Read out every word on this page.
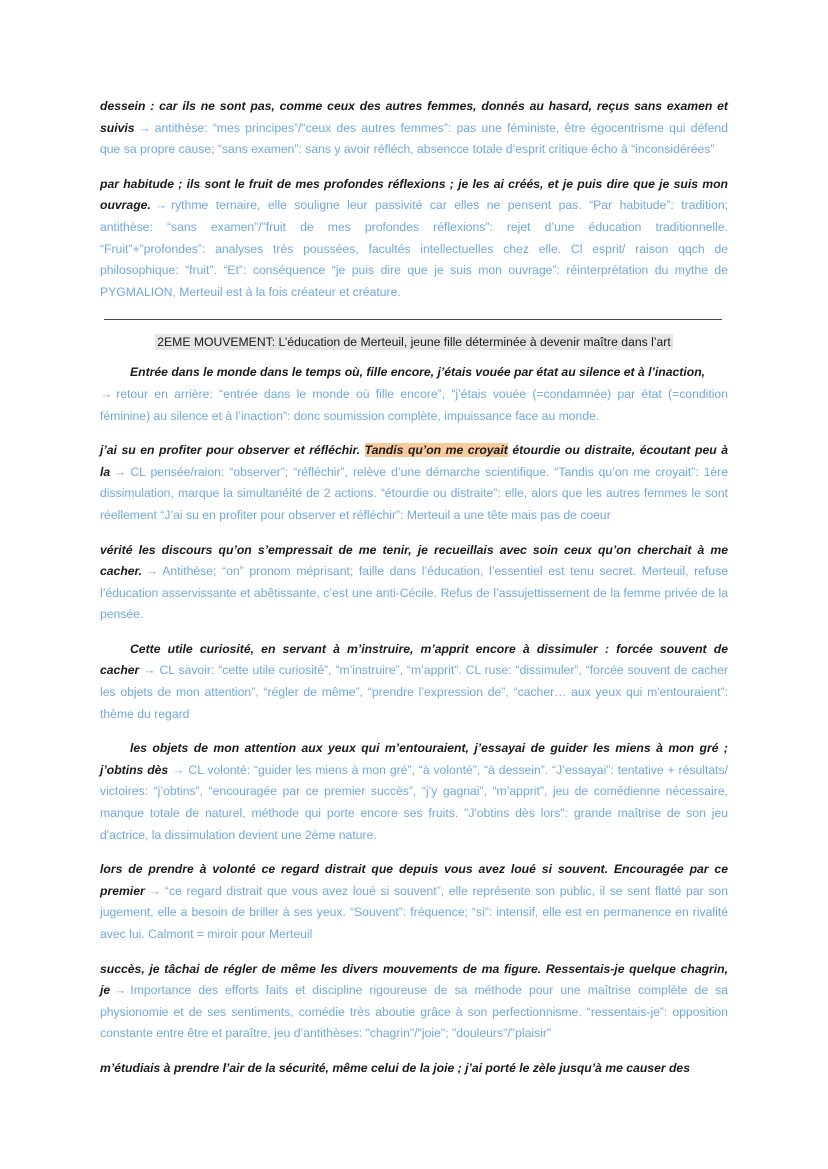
dessein : car ils ne sont pas, comme ceux des autres femmes, donnés au hasard, reçus sans examen et suivis → antithèse: “mes principes”/“ceux des autres femmes”: pas une féministe, être égocentrisme qui défend que sa propre cause; “sans examen”: sans y avoir réfléch, absencce totale d’esprit critique écho à “inconsidérées”

par habitude ; ils sont le fruit de mes profondes réflexions ; je les ai créés, et je puis dire que je suis mon ouvrage. → rythme ternaire, elle souligne leur passivité car elles ne pensent pas. “Par habitude”: tradition; antithèse: “sans examen”/”fruit de mes profondes réflexions”: rejet d’une éducation traditionnelle. “Fruit”+”profondes”: analyses très poussées, facultés intellectuelles chez elle. Cl esprit/ raison qqch de philosophique: “fruit”. “Et”: conséquence “je puis dire que je suis mon ouvrage”: réinterprétation du mythe de PYGMALION, Merteuil est à la fois créateur et créature.

2EME MOUVEMENT: L’éducation de Merteuil, jeune fille déterminée à devenir maître dans l’art

Entrée dans le monde dans le temps où, fille encore, j’étais vouée par état au silence et à l’inaction,
→ retour en arrière: “entrée dans le monde où fille encore”, “j’étais vouée (=condamnée) par état (=condition féminine) au silence et à l’inaction”: donc soumission complète, impuissance face au monde.

j’ai su en profiter pour observer et réfléchir. Tandis qu’on me croyait étourdie ou distraite, écoutant peu à la → CL pensée/raion: “observer”; “réfléchir”, relève d’une démarche scientifique. “Tandis qu’on me croyait”: 1ère dissimulation, marque la simultanéité de 2 actions. “étourdie ou distraite”: elle, alors que les autres femmes le sont réellement “J’ai su en profiter pour observer et réfléchir”: Merteuil a une tête mais pas de coeur

vérité les discours qu’on s’empressait de me tenir, je recueillais avec soin ceux qu’on cherchait à me cacher. → Antithèse; “on” pronom méprisant; faille dans l’éducation, l’essentiel est tenu secret. Merteuil, refuse l’éducation asservissante et abêtissante, c’est une anti-Cécile. Refus de l’assujettissement de la femme privée de la pensée.

Cette utile curiosité, en servant à m’instruire, m’apprit encore à dissimuler : forcée souvent de cacher → CL savoir: “cette utile curiosité”, “m’instruire”, “m’apprit”. CL ruse: “dissimuler”, “forcée souvent de cacher les objets de mon attention”, “régler de même”, “prendre l’expression de”, “cacher… aux yeux qui m'entouraient”: thème du regard

les objets de mon attention aux yeux qui m’entouraient, j’essayai de guider les miens à mon gré ; j’obtins dès → CL volonté: “guider les miens à mon gré”, “à volonté”, “à dessein”. “J’essayai”: tentative + résultats/ victoires: “j’obtins”, “encouragée par ce premier succès”, “j’y gagnai”, “m’apprit”, jeu de comédienne nécessaire, manque totale de naturel, méthode qui porte encore ses fruits. "J'obtins dès lors": grande maîtrise de son jeu d'actrice, la dissimulation devient une 2ème nature.

lors de prendre à volonté ce regard distrait que depuis vous avez loué si souvent. Encouragée par ce premier → “ce regard distrait que vous avez loué si souvent”, elle représente son public, il se sent flatté par son jugement, elle a besoin de briller à ses yeux. “Souvent”: fréquence; “si”: intensif, elle est en permanence en rivalité avec lui. Calmont = miroir pour Merteuil

succès, je tâchai de régler de même les divers mouvements de ma figure. Ressentais-je quelque chagrin, je → Importance des efforts faits et discipline rigoureuse de sa méthode pour une maîtrise complète de sa physionomie et de ses sentiments, comédie très aboutie grâce à son perfectionnisme. “ressentais-je”: opposition constante entre être et paraître, jeu d’antithèses: "chagrin"/"joie"; "douleurs"/"plaisir"

m’étudiais à prendre l’air de la sécurité, même celui de la joie ; j’ai porté le zèle jusqu’à me causer des
